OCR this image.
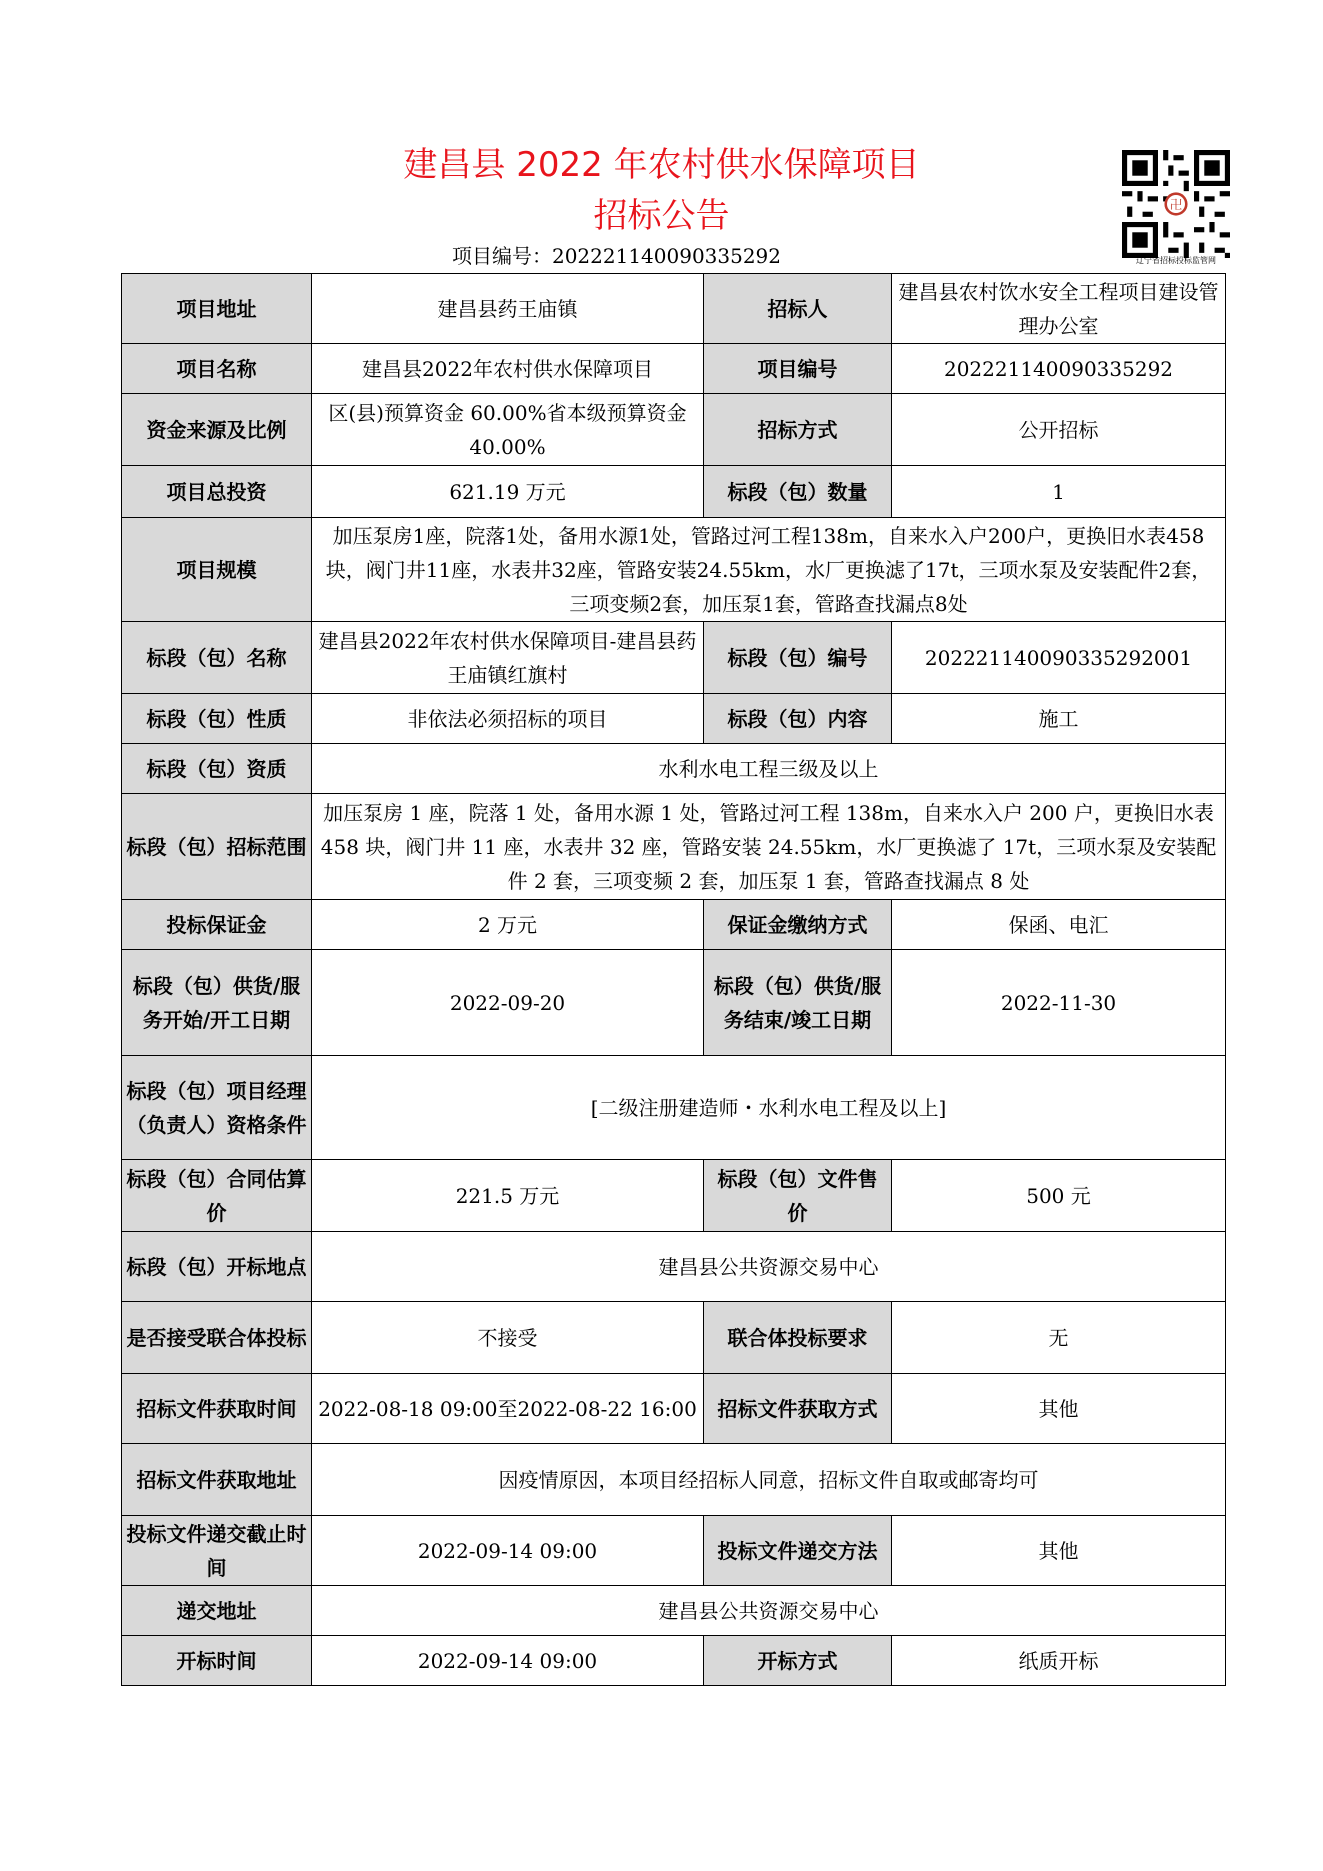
建昌县 2022 年农村供水保障项目
招标公告
项目编号：202221140090335292
卍
辽宁省招标投标监管网
项目地址	建昌县药王庙镇	招标人	建昌县农村饮水安全工程项目建设管理办公室
项目名称	建昌县2022年农村供水保障项目	项目编号	202221140090335292
资金来源及比例	区(县)预算资金 60.00%省本级预算资金 40.00%	招标方式	公开招标
项目总投资	621.19 万元	标段（包）数量	1
项目规模	加压泵房1座，院落1处，备用水源1处，管路过河工程138m，自来水入户200户，更换旧水表458块，阀门井11座，水表井32座，管路安装24.55km，水厂更换滤了17t，三项水泵及安装配件2套，三项变频2套，加压泵1套，管路查找漏点8处		
标段（包）名称	建昌县2022年农村供水保障项目-建昌县药王庙镇红旗村	标段（包）编号	202221140090335292001
标段（包）性质	非依法必须招标的项目	标段（包）内容	施工
标段（包）资质	水利水电工程三级及以上		
标段（包）招标范围	加压泵房 1 座，院落 1 处，备用水源 1 处，管路过河工程 138m，自来水入户 200 户，更换旧水表 458 块，阀门井 11 座，水表井 32 座，管路安装 24.55km，水厂更换滤了 17t，三项水泵及安装配件 2 套，三项变频 2 套，加压泵 1 套，管路查找漏点 8 处		
投标保证金	2 万元	保证金缴纳方式	保函、电汇
标段（包）供货/服务开始/开工日期	2022-09-20	标段（包）供货/服务结束/竣工日期	2022-11-30
标段（包）项目经理（负责人）资格条件	[二级注册建造师・水利水电工程及以上]		
标段（包）合同估算价	221.5 万元	标段（包）文件售价	500 元
标段（包）开标地点	建昌县公共资源交易中心		
是否接受联合体投标	不接受	联合体投标要求	无
招标文件获取时间	2022-08-18 09:00至2022-08-22 16:00	招标文件获取方式	其他
招标文件获取地址	因疫情原因，本项目经招标人同意，招标文件自取或邮寄均可		
投标文件递交截止时间	2022-09-14 09:00	投标文件递交方法	其他
递交地址	建昌县公共资源交易中心		
开标时间	2022-09-14 09:00	开标方式	纸质开标
